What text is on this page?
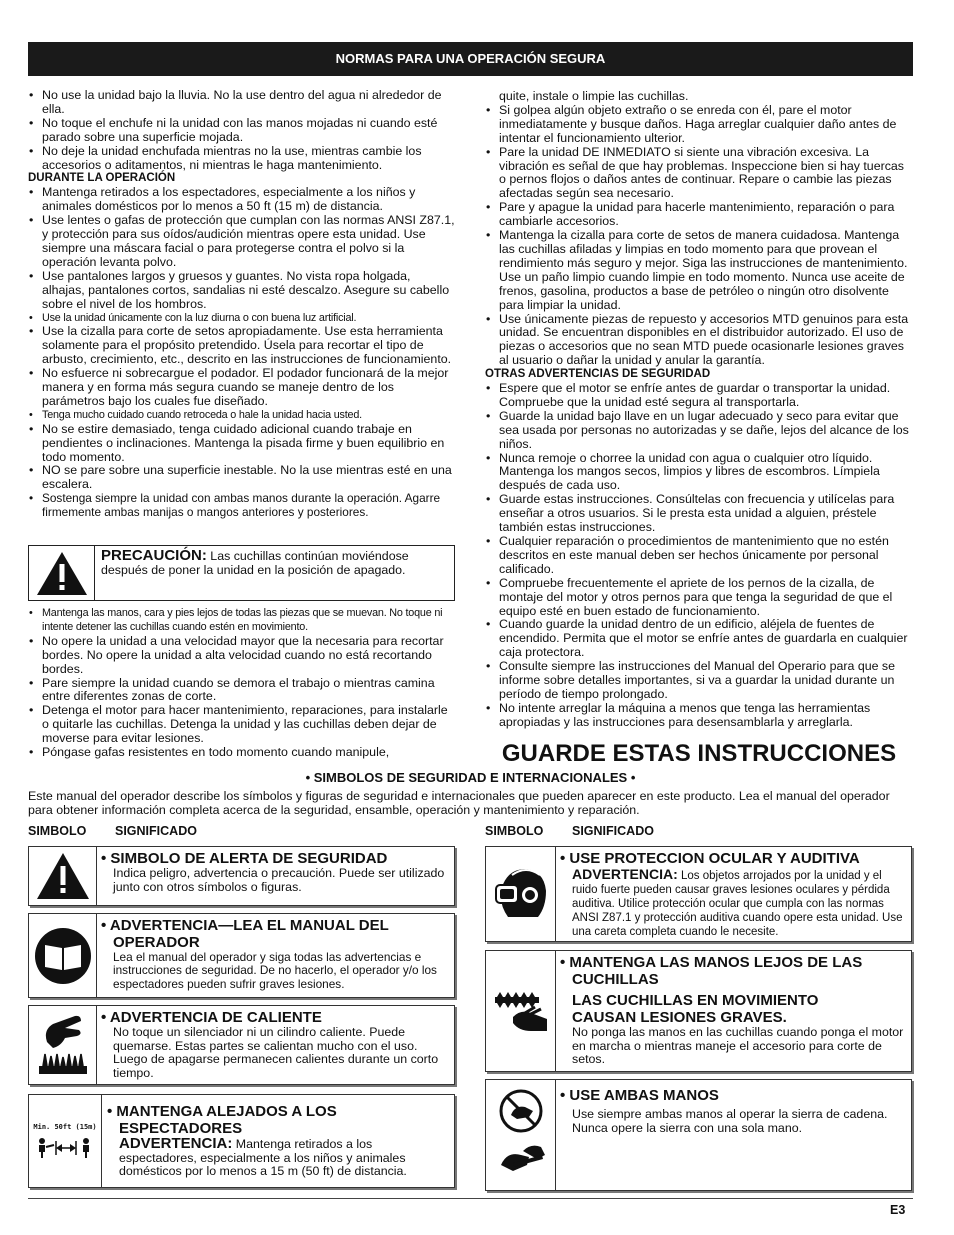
NORMAS PARA UNA OPERACIÓN SEGURA
• No use la unidad bajo la lluvia. No la use dentro del agua ni alrededor de ella.
• No toque el enchufe ni la unidad con las manos mojadas ni cuando esté parado sobre una superficie mojada.
• No deje la unidad enchufada mientras no la use, mientras cambie los accesorios o aditamentos, ni mientras le haga mantenimiento.
DURANTE LA OPERACIÓN
• Mantenga retirados a los espectadores, especialmente a los niños y animales domésticos por lo menos a 50 ft (15 m) de distancia.
• Use lentes o gafas de protección que cumplan con las normas ANSI Z87.1, y protección para sus oídos/audición mientras opere esta unidad. Use siempre una máscara facial o para protegerse contra el polvo si la operación levanta polvo.
• Use pantalones largos y gruesos y guantes. No vista ropa holgada, alhajas, pantalones cortos, sandalias ni esté descalzo. Asegure su cabello sobre el nivel de los hombros.
• Use la unidad únicamente con la luz diurna o con buena luz artificial.
• Use la cizalla para corte de setos apropiadamente. Use esta herramienta solamente para el propósito pretendido. Úsela para recortar el tipo de arbusto, crecimiento, etc., descrito en las instrucciones de funcionamiento.
• No esfuerce ni sobrecargue el podador. El podador funcionará de la mejor manera y en forma más segura cuando se maneje dentro de los parámetros bajo los cuales fue diseñado.
• Tenga mucho cuidado cuando retroceda o hale la unidad hacia usted.
• No se estire demasiado, tenga cuidado adicional cuando trabaje en pendientes o inclinaciones. Mantenga la pisada firme y buen equilibrio en todo momento.
• NO se pare sobre una superficie inestable. No la use mientras esté en una escalera.
• Sostenga siempre la unidad con ambas manos durante la operación. Agarre firmemente ambas manijas o mangos anteriores y posteriores.
PRECAUCIÓN: Las cuchillas continúan moviéndose después de poner la unidad en la posición de apagado.
• Mantenga las manos, cara y pies lejos de todas las piezas que se muevan. No toque ni intente detener las cuchillas cuando estén en movimiento.
• No opere la unidad a una velocidad mayor que la necesaria para recortar bordes. No opere la unidad a alta velocidad cuando no está recortando bordes.
• Pare siempre la unidad cuando se demora el trabajo o mientras camina entre diferentes zonas de corte.
• Detenga el motor para hacer mantenimiento, reparaciones, para instalarle o quitarle las cuchillas. Detenga la unidad y las cuchillas deben dejar de moverse para evitar lesiones.
• Póngase gafas resistentes en todo momento cuando manipule,
quite, instale o limpie las cuchillas.
• Si golpea algún objeto extraño o se enreda con él, pare el motor inmediatamente y busque daños. Haga arreglar cualquier daño antes de intentar el funcionamiento ulterior.
• Pare la unidad DE INMEDIATO si siente una vibración excesiva. La vibración es señal de que hay problemas. Inspeccione bien si hay tuercas o pernos flojos o daños antes de continuar. Repare o cambie las piezas afectadas según sea necesario.
• Pare y apague la unidad para hacerle mantenimiento, reparación o para cambiarle accesorios.
• Mantenga la cizalla para corte de setos de manera cuidadosa. Mantenga las cuchillas afiladas y limpias en todo momento para que provean el rendimiento más seguro y mejor. Siga las instrucciones de mantenimiento. Use un paño limpio cuando limpie en todo momento. Nunca use aceite de frenos, gasolina, productos a base de petróleo o ningún otro disolvente para limpiar la unidad.
• Use únicamente piezas de repuesto y accesorios MTD genuinos para esta unidad. Se encuentran disponibles en el distribuidor autorizado. El uso de piezas o accesorios que no sean MTD puede ocasionarle lesiones graves al usuario o dañar la unidad y anular la garantía.
OTRAS ADVERTENCIAS DE SEGURIDAD
• Espere que el motor se enfríe antes de guardar o transportar la unidad. Compruebe que la unidad esté segura al transportarla.
• Guarde la unidad bajo llave en un lugar adecuado y seco para evitar que sea usada por personas no autorizadas y se dañe, lejos del alcance de los niños.
• Nunca remoje o chorree la unidad con agua o cualquier otro líquido. Mantenga los mangos secos, limpios y libres de escombros. Límpiela después de cada uso.
• Guarde estas instrucciones. Consúltelas con frecuencia y utilícelas para enseñar a otros usuarios. Si le presta esta unidad a alguien, préstele también estas instrucciones.
• Cualquier reparación o procedimientos de mantenimiento que no estén descritos en este manual deben ser hechos únicamente por personal calificado.
• Compruebe frecuentemente el apriete de los pernos de la cizalla, de montaje del motor y otros pernos para que tenga la seguridad de que el equipo esté en buen estado de funcionamiento.
• Cuando guarde la unidad dentro de un edificio, aléjela de fuentes de encendido. Permita que el motor se enfríe antes de guardarla en cualquier caja protectora.
• Consulte siempre las instrucciones del Manual del Operario para que se informe sobre detalles importantes, si va a guardar la unidad durante un período de tiempo prolongado.
• No intente arreglar la máquina a menos que tenga las herramientas apropiadas y las instrucciones para desensamblarla y arreglarla.
GUARDE ESTAS INSTRUCCIONES
• SIMBOLOS DE SEGURIDAD E INTERNACIONALES •
Este manual del operador describe los símbolos y figuras de seguridad e internacionales que pueden aparecer en este producto. Lea el manual del operador para obtener información completa acerca de la seguridad, ensamble, operación y mantenimiento y reparación.
SIMBOLO SIGNIFICADO	SIMBOLO SIGNIFICADO
• SIMBOLO DE ALERTA DE SEGURIDAD
Indica peligro, advertencia o precaución. Puede ser utilizado junto con otros símbolos o figuras.
• ADVERTENCIA—LEA EL MANUAL DEL
OPERADOR
Lea el manual del operador y siga todas las advertencias e instrucciones de seguridad. De no hacerlo, el operador y/o los espectadores pueden sufrir graves lesiones.
• ADVERTENCIA DE CALIENTE
No toque un silenciador ni un cilindro caliente. Puede quemarse. Estas partes se calientan mucho con el uso. Luego de apagarse permanecen calientes durante un corto tiempo.
Min. 50ft (15m)
• MANTENGA ALEJADOS A LOS
ESPECTADORES
ADVERTENCIA: Mantenga retirados a los espectadores, especialmente a los niños y animales domésticos por lo menos a 15 m (50 ft) de distancia.
• USE PROTECCION OCULAR Y AUDITIVA
ADVERTENCIA: Los objetos arrojados por la unidad y el ruido fuerte pueden causar graves lesiones oculares y pérdida auditiva. Utilice protección ocular que cumpla con las normas ANSI Z87.1 y protección auditiva cuando opere esta unidad. Use una careta completa cuando le necesite.
• MANTENGA LAS MANOS LEJOS DE LAS
CUCHILLAS
LAS CUCHILLAS EN MOVIMIENTO
CAUSAN LESIONES GRAVES.
No ponga las manos en las cuchillas cuando ponga el motor en marcha o mientras maneje el accesorio para corte de setos.
• USE AMBAS MANOS
Use siempre ambas manos al operar la sierra de cadena. Nunca opere la sierra con una sola mano.
E3
